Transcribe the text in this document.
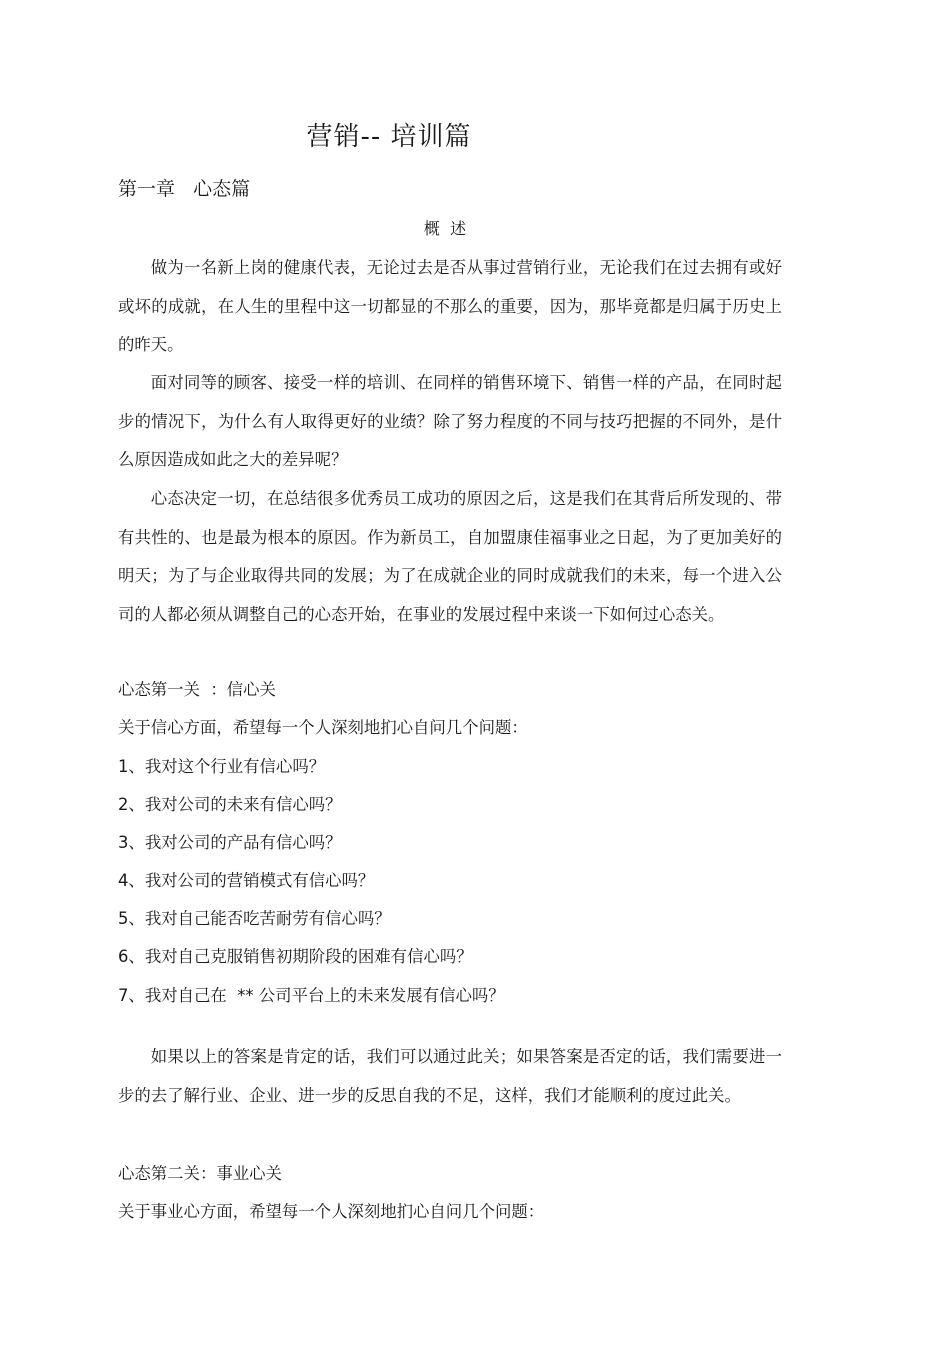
营销-- 培训篇
第一章   心态篇
概  述

做为一名新上岗的健康代表，无论过去是否从事过营销行业，无论我们在过去拥有或好或坏的成就，在人生的里程中这一切都显的不那么的重要，因为，那毕竟都是归属于历史上的昨天。

面对同等的顾客、接受一样的培训、在同样的销售环境下、销售一样的产品，在同时起步的情况下，为什么有人取得更好的业绩？除了努力程度的不同与技巧把握的不同外，是什么原因造成如此之大的差异呢？

心态决定一切，在总结很多优秀员工成功的原因之后，这是我们在其背后所发现的、带有共性的、也是最为根本的原因。作为新员工，自加盟康佳福事业之日起，为了更加美好的明天；为了与企业取得共同的发展；为了在成就企业的同时成就我们的未来，每一个进入公司的人都必须从调整自己的心态开始，在事业的发展过程中来谈一下如何过心态关。

心态第一关  ：信心关
关于信心方面，希望每一个人深刻地扪心自问几个问题：
1、我对这个行业有信心吗？
2、我对公司的未来有信心吗？
3、我对公司的产品有信心吗？
4、我对公司的营销模式有信心吗？
5、我对自己能否吃苦耐劳有信心吗？
6、我对自己克服销售初期阶段的困难有信心吗？
7、我对自己在  ** 公司平台上的未来发展有信心吗？

如果以上的答案是肯定的话，我们可以通过此关；如果答案是否定的话，我们需要进一步的去了解行业、企业、进一步的反思自我的不足，这样，我们才能顺利的度过此关。

心态第二关：事业心关
关于事业心方面，希望每一个人深刻地扪心自问几个问题：
